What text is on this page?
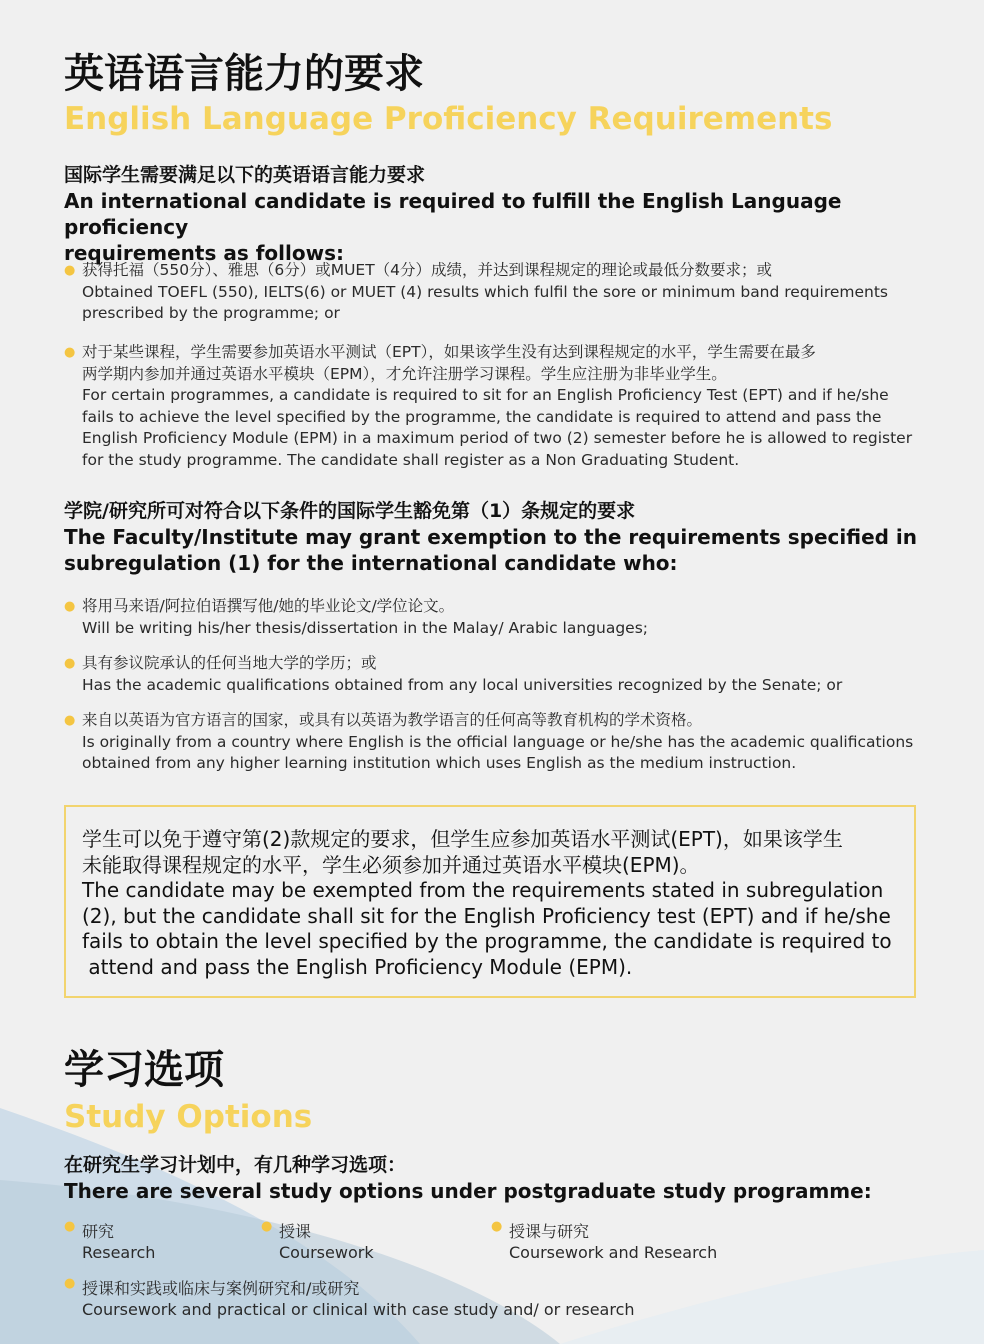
英语语言能力的要求
English Language Proficiency Requirements
国际学生需要满足以下的英语语言能力要求
An international candidate is required to fulfill the English Language proficiency
requirements as follows:
● 获得托福（550分）、雅思（6分）或MUET（4分）成绩，并达到课程规定的理论或最低分数要求；或
Obtained TOEFL (550), IELTS(6) or MUET (4) results which fulfil the sore or minimum band requirements
prescribed by the programme; or
● 对于某些课程，学生需要参加英语水平测试（EPT），如果该学生没有达到课程规定的水平，学生需要在最多
两学期内参加并通过英语水平模块（EPM），才允许注册学习课程。学生应注册为非毕业学生。
For certain programmes, a candidate is required to sit for an English Proficiency Test (EPT) and if he/she
fails to achieve the level specified by the programme, the candidate is required to attend and pass the
English Proficiency Module (EPM) in a maximum period of two (2) semester before he is allowed to register
for the study programme. The candidate shall register as a Non Graduating Student.
学院/研究所可对符合以下条件的国际学生豁免第（1）条规定的要求
The Faculty/Institute may grant exemption to the requirements specified in
subregulation (1) for the international candidate who:
● 将用马来语/阿拉伯语撰写他/她的毕业论文/学位论文。
Will be writing his/her thesis/dissertation in the Malay/ Arabic languages;
● 具有参议院承认的任何当地大学的学历；或
Has the academic qualifications obtained from any local universities recognized by the Senate; or
● 来自以英语为官方语言的国家，或具有以英语为教学语言的任何高等教育机构的学术资格。
Is originally from a country where English is the official language or he/she has the academic qualifications
obtained from any higher learning institution which uses English as the medium instruction.
学生可以免于遵守第(2)款规定的要求，但学生应参加英语水平测试(EPT)，如果该学生
未能取得课程规定的水平，学生必须参加并通过英语水平模块(EPM)。
The candidate may be exempted from the requirements stated in subregulation
(2), but the candidate shall sit for the English Proficiency test (EPT) and if he/she
fails to obtain the level specified by the programme, the candidate is required to
attend and pass the English Proficiency Module (EPM).
学习选项
Study Options
在研究生学习计划中，有几种学习选项：
There are several study options under postgraduate study programme:
● 研究
Research
● 授课
Coursework
● 授课与研究
Coursework and Research
● 授课和实践或临床与案例研究和/或研究
Coursework and practical or clinical with case study and/ or research
